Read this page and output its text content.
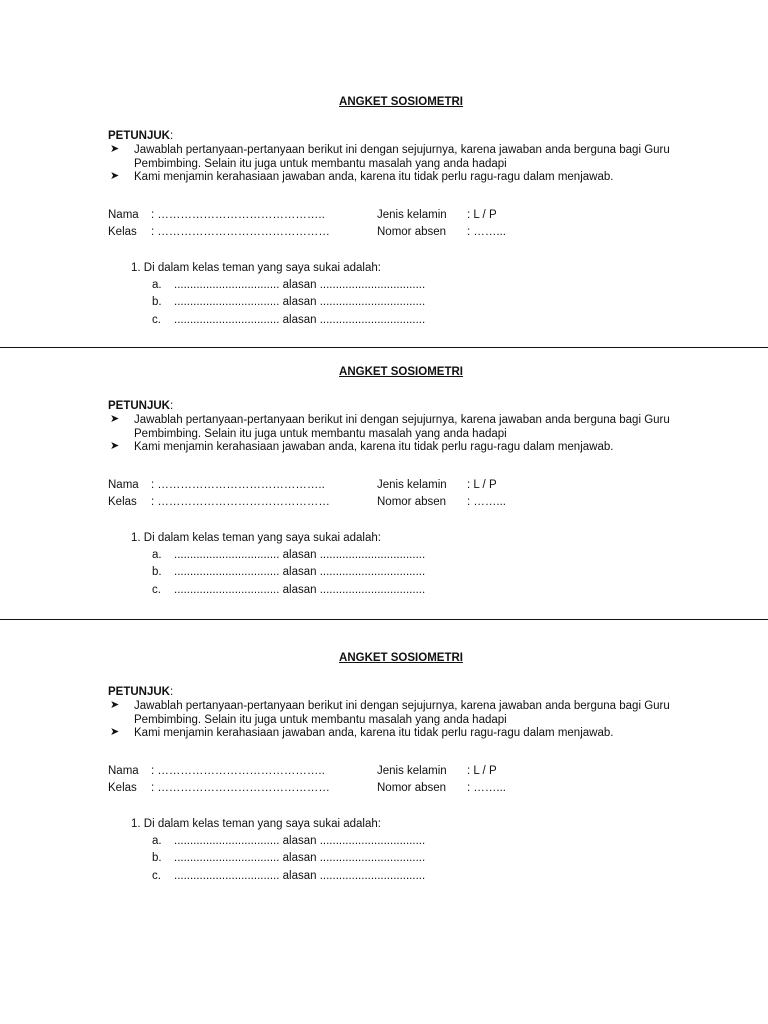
ANGKET SOSIOMETRI
PETUNJUK:
➤ Jawablah pertanyaan-pertanyaan berikut ini dengan sejujurnya, karena jawaban anda berguna bagi Guru Pembimbing. Selain itu juga untuk membantu masalah yang anda hadapi
➤ Kami menjamin kerahasiaan jawaban anda, karena itu tidak perlu ragu-ragu dalam menjawab.
Nama : ……………………………………..
Kelas : ………………………………………
Jenis kelamin : L / P
Nomor absen : ……...
1. Di dalam kelas teman yang saya sukai adalah:
a. ................................. alasan .................................
b. ................................. alasan .................................
c. ................................. alasan .................................
ANGKET SOSIOMETRI
PETUNJUK:
➤ Jawablah pertanyaan-pertanyaan berikut ini dengan sejujurnya, karena jawaban anda berguna bagi Guru Pembimbing. Selain itu juga untuk membantu masalah yang anda hadapi
➤ Kami menjamin kerahasiaan jawaban anda, karena itu tidak perlu ragu-ragu dalam menjawab.
Nama : ……………………………………..
Kelas : ………………………………………
Jenis kelamin : L / P
Nomor absen : ……...
1. Di dalam kelas teman yang saya sukai adalah:
a. ................................. alasan .................................
b. ................................. alasan .................................
c. ................................. alasan .................................
ANGKET SOSIOMETRI
PETUNJUK:
➤ Jawablah pertanyaan-pertanyaan berikut ini dengan sejujurnya, karena jawaban anda berguna bagi Guru Pembimbing. Selain itu juga untuk membantu masalah yang anda hadapi
➤ Kami menjamin kerahasiaan jawaban anda, karena itu tidak perlu ragu-ragu dalam menjawab.
Nama : ……………………………………..
Kelas : ………………………………………
Jenis kelamin : L / P
Nomor absen : ……...
1. Di dalam kelas teman yang saya sukai adalah:
a. ................................. alasan .................................
b. ................................. alasan .................................
c. ................................. alasan .................................
